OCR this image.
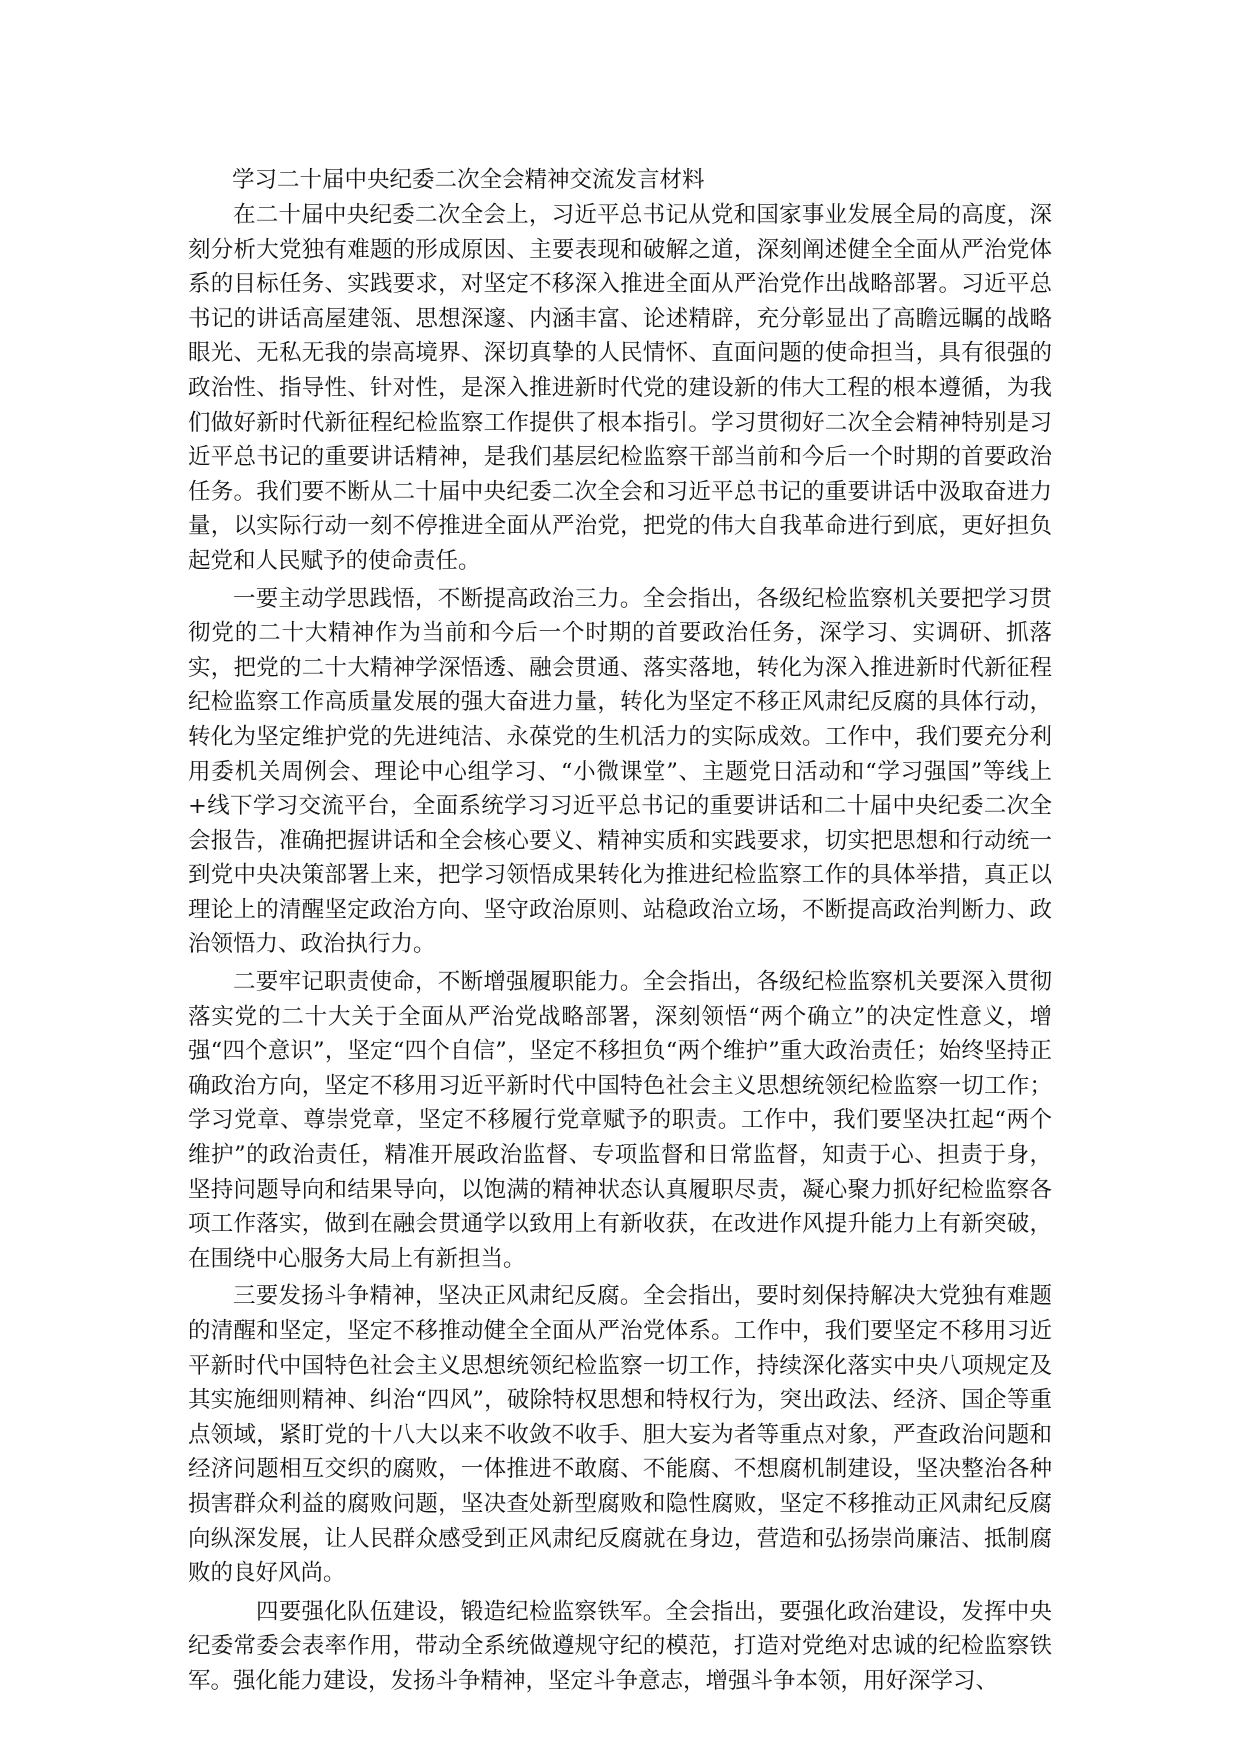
学习二十届中央纪委二次全会精神交流发言材料

在二十届中央纪委二次全会上，习近平总书记从党和国家事业发展全局的高度，深刻分析大党独有难题的形成原因、主要表现和破解之道，深刻阐述健全全面从严治党体系的目标任务、实践要求，对坚定不移深入推进全面从严治党作出战略部署。习近平总书记的讲话高屋建瓴、思想深邃、内涵丰富、论述精辟，充分彰显出了高瞻远瞩的战略眼光、无私无我的崇高境界、深切真挚的人民情怀、直面问题的使命担当，具有很强的政治性、指导性、针对性，是深入推进新时代党的建设新的伟大工程的根本遵循，为我们做好新时代新征程纪检监察工作提供了根本指引。学习贯彻好二次全会精神特别是习近平总书记的重要讲话精神，是我们基层纪检监察干部当前和今后一个时期的首要政治任务。我们要不断从二十届中央纪委二次全会和习近平总书记的重要讲话中汲取奋进力量，以实际行动一刻不停推进全面从严治党，把党的伟大自我革命进行到底，更好担负起党和人民赋予的使命责任。

一要主动学思践悟，不断提高政治三力。全会指出，各级纪检监察机关要把学习贯彻党的二十大精神作为当前和今后一个时期的首要政治任务，深学习、实调研、抓落实，把党的二十大精神学深悟透、融会贯通、落实落地，转化为深入推进新时代新征程纪检监察工作高质量发展的强大奋进力量，转化为坚定不移正风肃纪反腐的具体行动，转化为坚定维护党的先进纯洁、永葆党的生机活力的实际成效。工作中，我们要充分利用委机关周例会、理论中心组学习、“小微课堂”、主题党日活动和“学习强国”等线上+线下学习交流平台，全面系统学习习近平总书记的重要讲话和二十届中央纪委二次全会报告，准确把握讲话和全会核心要义、精神实质和实践要求，切实把思想和行动统一到党中央决策部署上来，把学习领悟成果转化为推进纪检监察工作的具体举措，真正以理论上的清醒坚定政治方向、坚守政治原则、站稳政治立场，不断提高政治判断力、政治领悟力、政治执行力。

二要牢记职责使命，不断增强履职能力。全会指出，各级纪检监察机关要深入贯彻落实党的二十大关于全面从严治党战略部署，深刻领悟“两个确立”的决定性意义，增强“四个意识”，坚定“四个自信”，坚定不移担负“两个维护”重大政治责任；始终坚持正确政治方向，坚定不移用习近平新时代中国特色社会主义思想统领纪检监察一切工作；学习党章、尊崇党章，坚定不移履行党章赋予的职责。工作中，我们要坚决扛起“两个维护”的政治责任，精准开展政治监督、专项监督和日常监督，知责于心、担责于身，坚持问题导向和结果导向，以饱满的精神状态认真履职尽责，凝心聚力抓好纪检监察各项工作落实，做到在融会贯通学以致用上有新收获，在改进作风提升能力上有新突破，在围绕中心服务大局上有新担当。

三要发扬斗争精神，坚决正风肃纪反腐。全会指出，要时刻保持解决大党独有难题的清醒和坚定，坚定不移推动健全全面从严治党体系。工作中，我们要坚定不移用习近平新时代中国特色社会主义思想统领纪检监察一切工作，持续深化落实中央八项规定及其实施细则精神、纠治“四风”，破除特权思想和特权行为，突出政法、经济、国企等重点领域，紧盯党的十八大以来不收敛不收手、胆大妄为者等重点对象，严查政治问题和经济问题相互交织的腐败，一体推进不敢腐、不能腐、不想腐机制建设，坚决整治各种损害群众利益的腐败问题，坚决查处新型腐败和隐性腐败，坚定不移推动正风肃纪反腐向纵深发展，让人民群众感受到正风肃纪反腐就在身边，营造和弘扬崇尚廉洁、抵制腐败的良好风尚。

四要强化队伍建设，锻造纪检监察铁军。全会指出，要强化政治建设，发挥中央纪委常委会表率作用，带动全系统做遵规守纪的模范，打造对党绝对忠诚的纪检监察铁军。强化能力建设，发扬斗争精神，坚定斗争意志，增强斗争本领，用好深学习、
